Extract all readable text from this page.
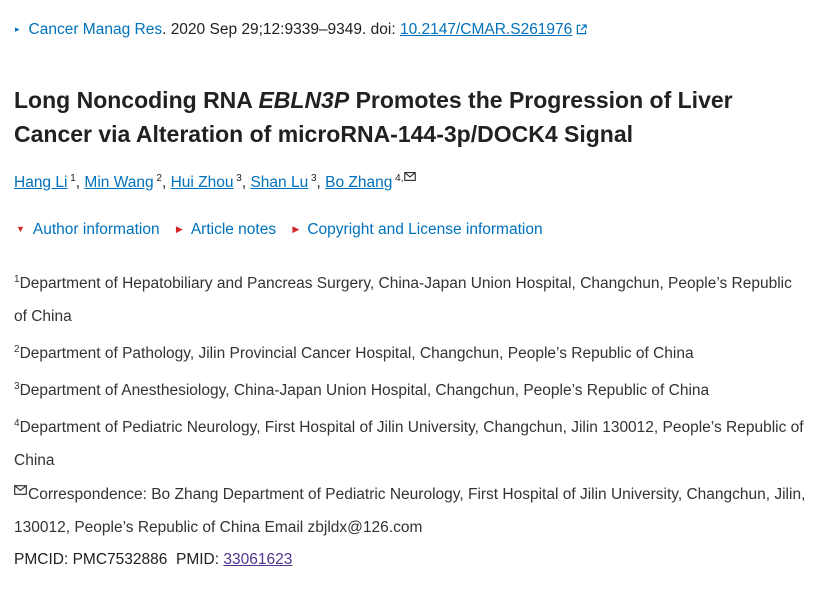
▸ Cancer Manag Res. 2020 Sep 29;12:9339–9349. doi: 10.2147/CMAR.S261976
Long Noncoding RNA EBLN3P Promotes the Progression of Liver Cancer via Alteration of microRNA-144-3p/DOCK4 Signal
Hang Li $^1$, Min Wang $^2$, Hui Zhou $^3$, Shan Lu $^3$, Bo Zhang $^{4,}$
▼ Author information ▶ Article notes ▶ Copyright and License information

$^1$Department of Hepatobiliary and Pancreas Surgery, China-Japan Union Hospital, Changchun, People’s Republic of China

$^2$Department of Pathology, Jilin Provincial Cancer Hospital, Changchun, People’s Republic of China

$^3$Department of Anesthesiology, China-Japan Union Hospital, Changchun, People’s Republic of China

$^4$Department of Pediatric Neurology, First Hospital of Jilin University, Changchun, Jilin 130012, People’s Republic of China

Correspondence: Bo Zhang Department of Pediatric Neurology, First Hospital of Jilin University, Changchun, Jilin, 130012, People’s Republic of China Email zbjldx@126.com
PMCID: PMC7532886 PMID: 33061623
